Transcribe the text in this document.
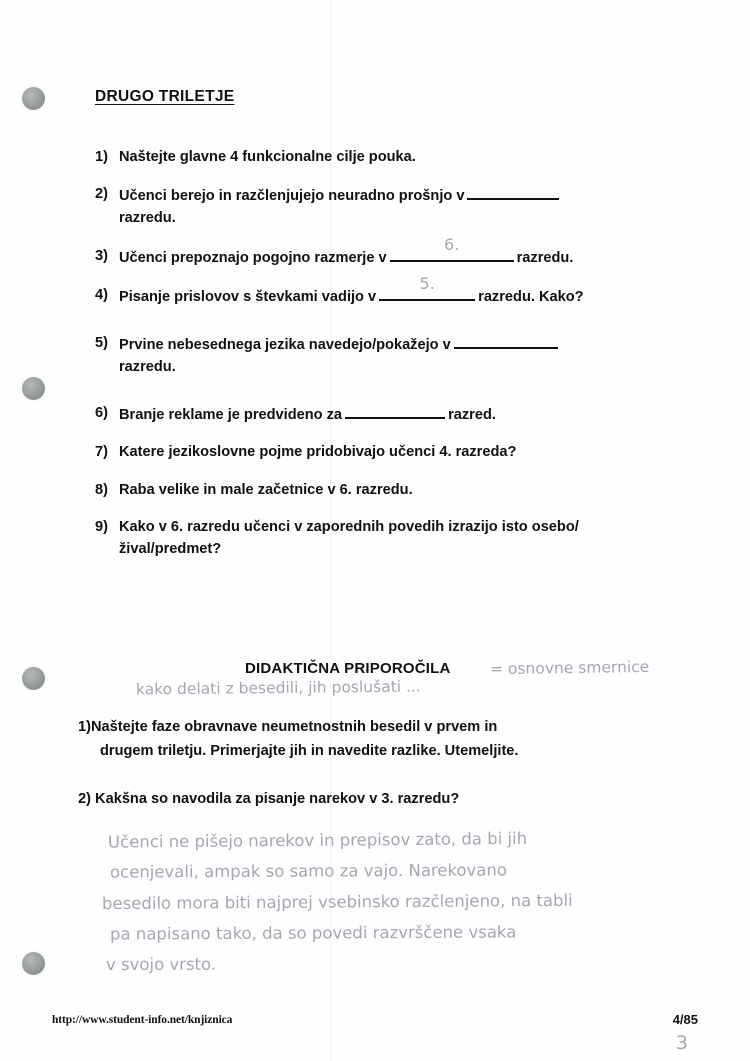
DRUGO TRILETJE
1) Naštejte glavne 4 funkcionalne cilje pouka.
2) Učenci berejo in razčlenjujejo neuradno prošnjo v

razredu.
3) Učenci prepoznajo pogojno razmerje v
6.
razredu.
4) Pisanje prislovov s števkami vadijo v
5.
razredu. Kako?
5) Prvine nebesednega jezika navedejo/pokažejo v

razredu.
6) Branje reklame je predvideno za	razred.
7) Katere jezikoslovne pojme pridobivajo učenci 4. razreda?
8) Raba velike in male začetnice v 6. razredu.
9) Kako v 6. razredu učenci v zaporednih povedih izrazijo isto osebo/žival/predmet?
DIDAKTIČNA PRIPOROČILA	= osnovne smernice
kako delati z besedili, jih poslušati ...
1)Naštejte faze obravnave neumetnostnih besedil v prvem in
drugem triletju. Primerjajte jih in navedite razlike. Utemeljite.
2) Kakšna so navodila za pisanje narekov v 3. razredu?
Učenci ne pišejo narekov in prepisov zato, da bi jih
ocenjevali, ampak so samo za vajo. Narekovano
besedilo mora biti najprej vsebinsko razčlenjeno, na tabli
pa napisano tako, da so povedi razvrščene vsaka
v svojo vrsto.
http://www.student-info.net/knjiznica	4/85
3
